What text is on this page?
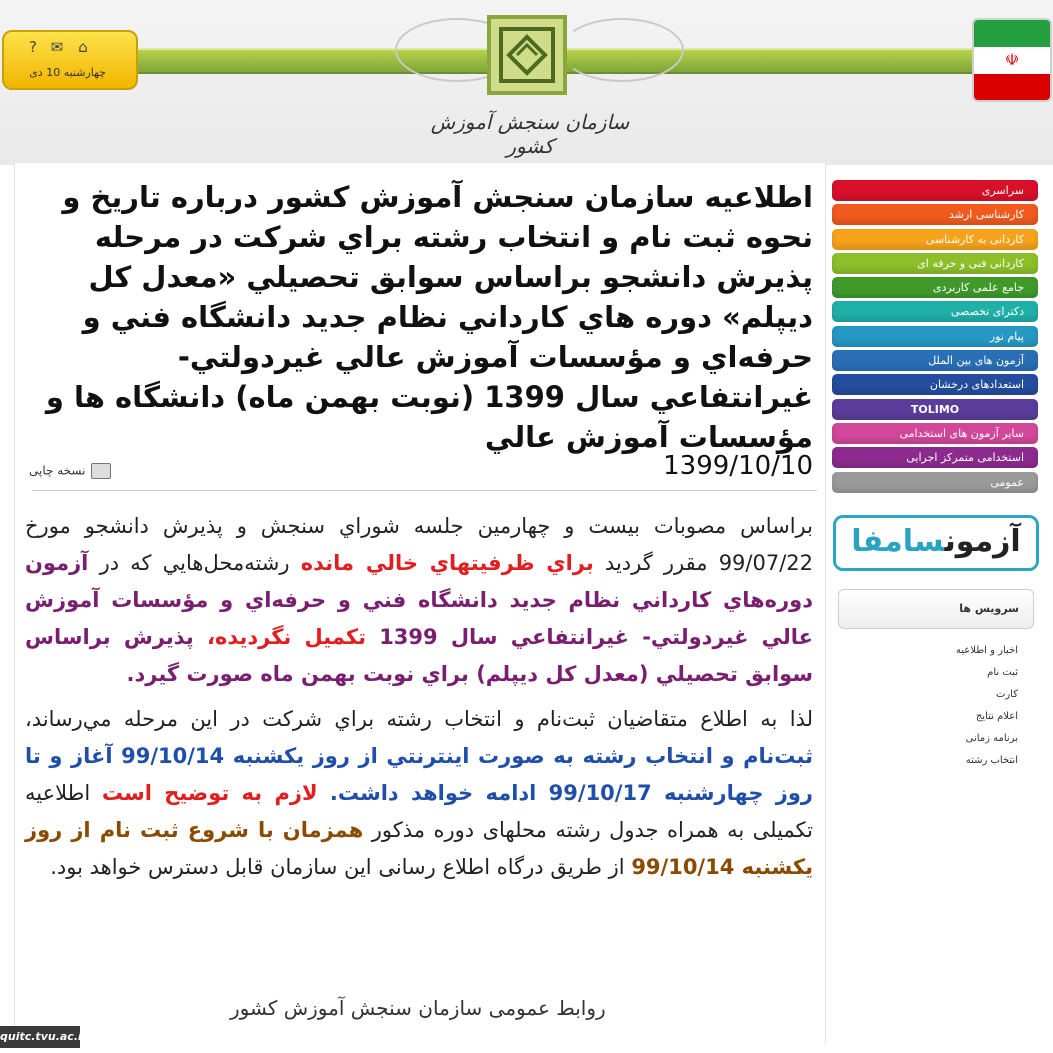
سازمان سنجش آموزش كشور
? ✉ ⌂
چهارشنبه 10 دی
☫
اطلاعيه سازمان سنجش آموزش كشور درباره تاريخ و نحوه ثبت نام و انتخاب رشته براي شركت در مرحله پذيرش دانشجو براساس سوابق تحصيلي «معدل كل ديپلم» دوره هاي كارداني نظام جديد دانشگاه فني و حرفه‌اي و مؤسسات آموزش عالي غيردولتي- غيرانتفاعي سال 1399 (نوبت بهمن ماه) دانشگاه ها و مؤسسات آموزش عالي
نسخه چاپی	1399/10/10

براساس مصوبات بيست و چهارمين جلسه شوراي سنجش و پذيرش دانشجو مورخ 99/07/22 مقرر گرديد براي ظرفيتهاي خالي مانده رشته‌محل‌هايي كه در آزمون دوره‌هاي كارداني نظام جديد دانشگاه فني و حرفه‌اي و مؤسسات آموزش عالي غيردولتي- غيرانتفاعي سال 1399 تكميل نگرديده، پذيرش براساس سوابق تحصيلي (معدل كل ديپلم) براي نوبت بهمن ماه صورت گيرد.

لذا به اطلاع متقاضيان ثبت‌نام و انتخاب رشته براي شركت در اين مرحله مي‌رساند، ثبت‌نام و انتخاب رشته به صورت اينترنتي از روز يكشنبه 99/10/14 آغاز و تا روز چهارشنبه 99/10/17 ادامه خواهد داشت. لازم به توضيح است اطلاعيه تكميلی به همراه جدول رشته محلهای دوره مذكور همزمان با شروع ثبت نام از روز يكشنبه 99/10/14 از طريق درگاه اطلاع رسانی اين سازمان قابل دسترس خواهد بود.

روابط عمومی سازمان سنجش آموزش كشور
سراسری
کارشناسی ارشد
کاردانی به کارشناسی
کاردانی فنی و حرفه ای
جامع علمی کاربردی
دکترای تخصصی
پیام نور
آزمون های بین الملل
استعدادهای درخشان
TOLIMO
سایر آزمون های استخدامی
استخدامی متمرکز اجرایی
عمومی
آزمونسامفا
سرویس ها
اخبار و اطلاعیه
ثبت نام
کارت
اعلام نتایج
برنامه زمانی
انتخاب رشته
quitc.tvu.ac.ir
